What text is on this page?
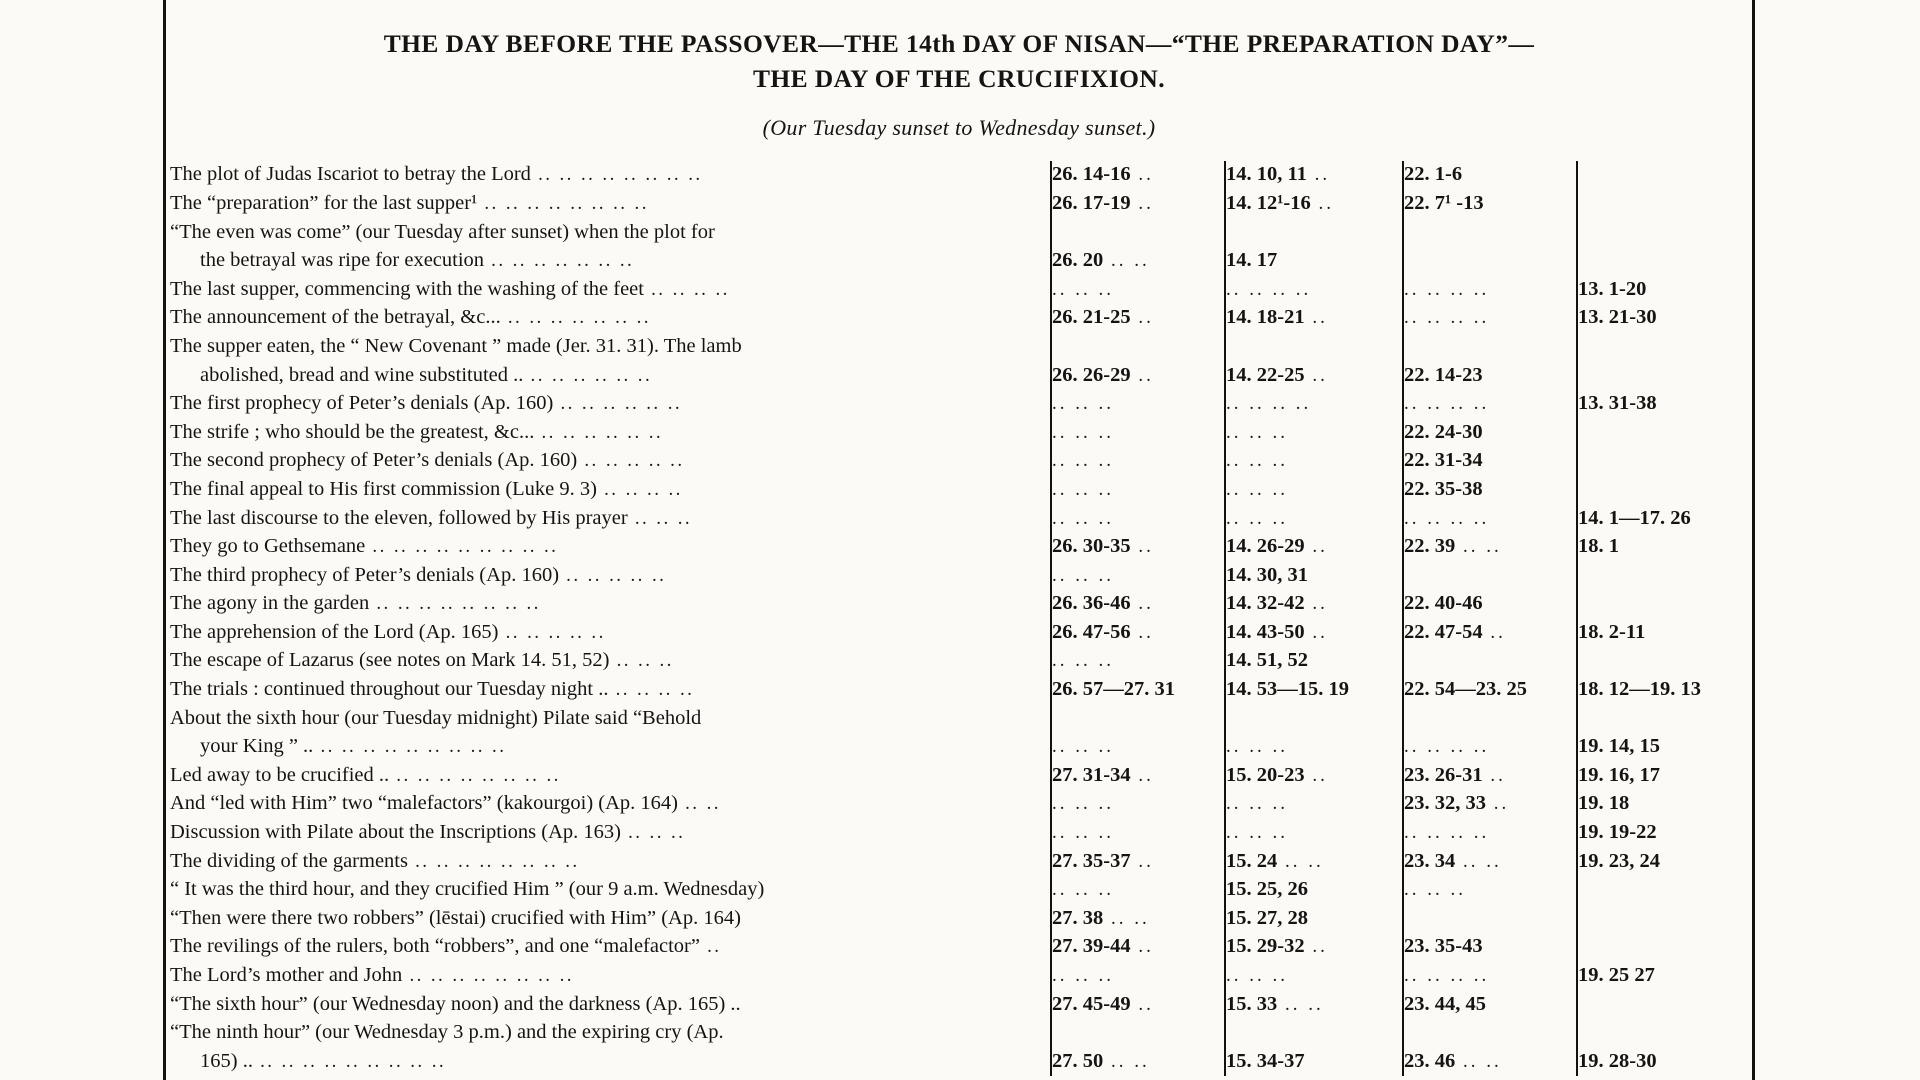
THE DAY BEFORE THE PASSOVER—THE 14th DAY OF NISAN—“THE PREPARATION DAY”—
THE DAY OF THE CRUCIFIXION.
(Our Tuesday sunset to Wednesday sunset.)
The plot of Judas Iscariot to betray the Lord .. .. .. .. .. .. .. ..	26. 14-16 ..	14. 10, 11 ..	22. 1-6	
The “preparation” for the last supper¹ .. .. .. .. .. .. .. ..	26. 17-19 ..	14. 12¹-16 ..	22. 7¹ -13	
“The even was come” (our Tuesday after sunset) when the plot for				
the betrayal was ripe for execution .. .. .. .. .. .. ..	26. 20 .. ..	14. 17		
The last supper, commencing with the washing of the feet .. .. .. ..	.. .. ..	.. .. .. ..	.. .. .. ..	13. 1-20
The announcement of the betrayal, &c... .. .. .. .. .. .. ..	26. 21-25 ..	14. 18-21 ..	.. .. .. ..	13. 21-30
The supper eaten, the “ New Covenant ” made (Jer. 31. 31). The lamb				
abolished, bread and wine substituted .. .. .. .. .. .. ..	26. 26-29 ..	14. 22-25 ..	22. 14-23	
The first prophecy of Peter’s denials (Ap. 160) .. .. .. .. .. ..	.. .. ..	.. .. .. ..	.. .. .. ..	13. 31-38
The strife ; who should be the greatest, &c... .. .. .. .. .. ..	.. .. ..	.. .. ..	22. 24-30	
The second prophecy of Peter’s denials (Ap. 160) .. .. .. .. ..	.. .. ..	.. .. ..	22. 31-34	
The final appeal to His first commission (Luke 9. 3) .. .. .. ..	.. .. ..	.. .. ..	22. 35-38	
The last discourse to the eleven, followed by His prayer .. .. ..	.. .. ..	.. .. ..	.. .. .. ..	14. 1—17. 26
They go to Gethsemane .. .. .. .. .. .. .. .. ..	26. 30-35 ..	14. 26-29 ..	22. 39 .. ..	18. 1
The third prophecy of Peter’s denials (Ap. 160) .. .. .. .. ..	.. .. ..	14. 30, 31		
The agony in the garden .. .. .. .. .. .. .. ..	26. 36-46 ..	14. 32-42 ..	22. 40-46	
The apprehension of the Lord (Ap. 165) .. .. .. .. ..	26. 47-56 ..	14. 43-50 ..	22. 47-54 ..	18. 2-11
The escape of Lazarus (see notes on Mark 14. 51, 52) .. .. ..	.. .. ..	14. 51, 52		
The trials : continued throughout our Tuesday night .. .. .. .. ..	26. 57—27. 31	14. 53—15. 19	22. 54—23. 25	18. 12—19. 13
About the sixth hour (our Tuesday midnight) Pilate said “Behold				
your King ” .. .. .. .. .. .. .. .. .. ..	.. .. ..	.. .. ..	.. .. .. ..	19. 14, 15
Led away to be crucified .. .. .. .. .. .. .. .. ..	27. 31-34 ..	15. 20-23 ..	23. 26-31 ..	19. 16, 17
And “led with Him” two “malefactors” (kakourgoi) (Ap. 164) .. ..	.. .. ..	.. .. ..	23. 32, 33 ..	19. 18
Discussion with Pilate about the Inscriptions (Ap. 163) .. .. ..	.. .. ..	.. .. ..	.. .. .. ..	19. 19-22
The dividing of the garments .. .. .. .. .. .. .. ..	27. 35-37 ..	15. 24 .. ..	23. 34 .. ..	19. 23, 24
“ It was the third hour, and they crucified Him ” (our 9 a.m. Wednesday)	.. .. ..	15. 25, 26	.. .. ..	
“Then were there two robbers” (lēstai) crucified with Him” (Ap. 164)	27. 38 .. ..	15. 27, 28		
The revilings of the rulers, both “robbers”, and one “malefactor” ..	27. 39-44 ..	15. 29-32 ..	23. 35-43	
The Lord’s mother and John .. .. .. .. .. .. .. ..	.. .. ..	.. .. ..	.. .. .. ..	19. 25 27
“The sixth hour” (our Wednesday noon) and the darkness (Ap. 165) ..	27. 45-49 ..	15. 33 .. ..	23. 44, 45	
“The ninth hour” (our Wednesday 3 p.m.) and the expiring cry (Ap.				
165) .. .. .. .. .. .. .. .. .. ..	27. 50 .. ..	15. 34-37	23. 46 .. ..	19. 28-30
